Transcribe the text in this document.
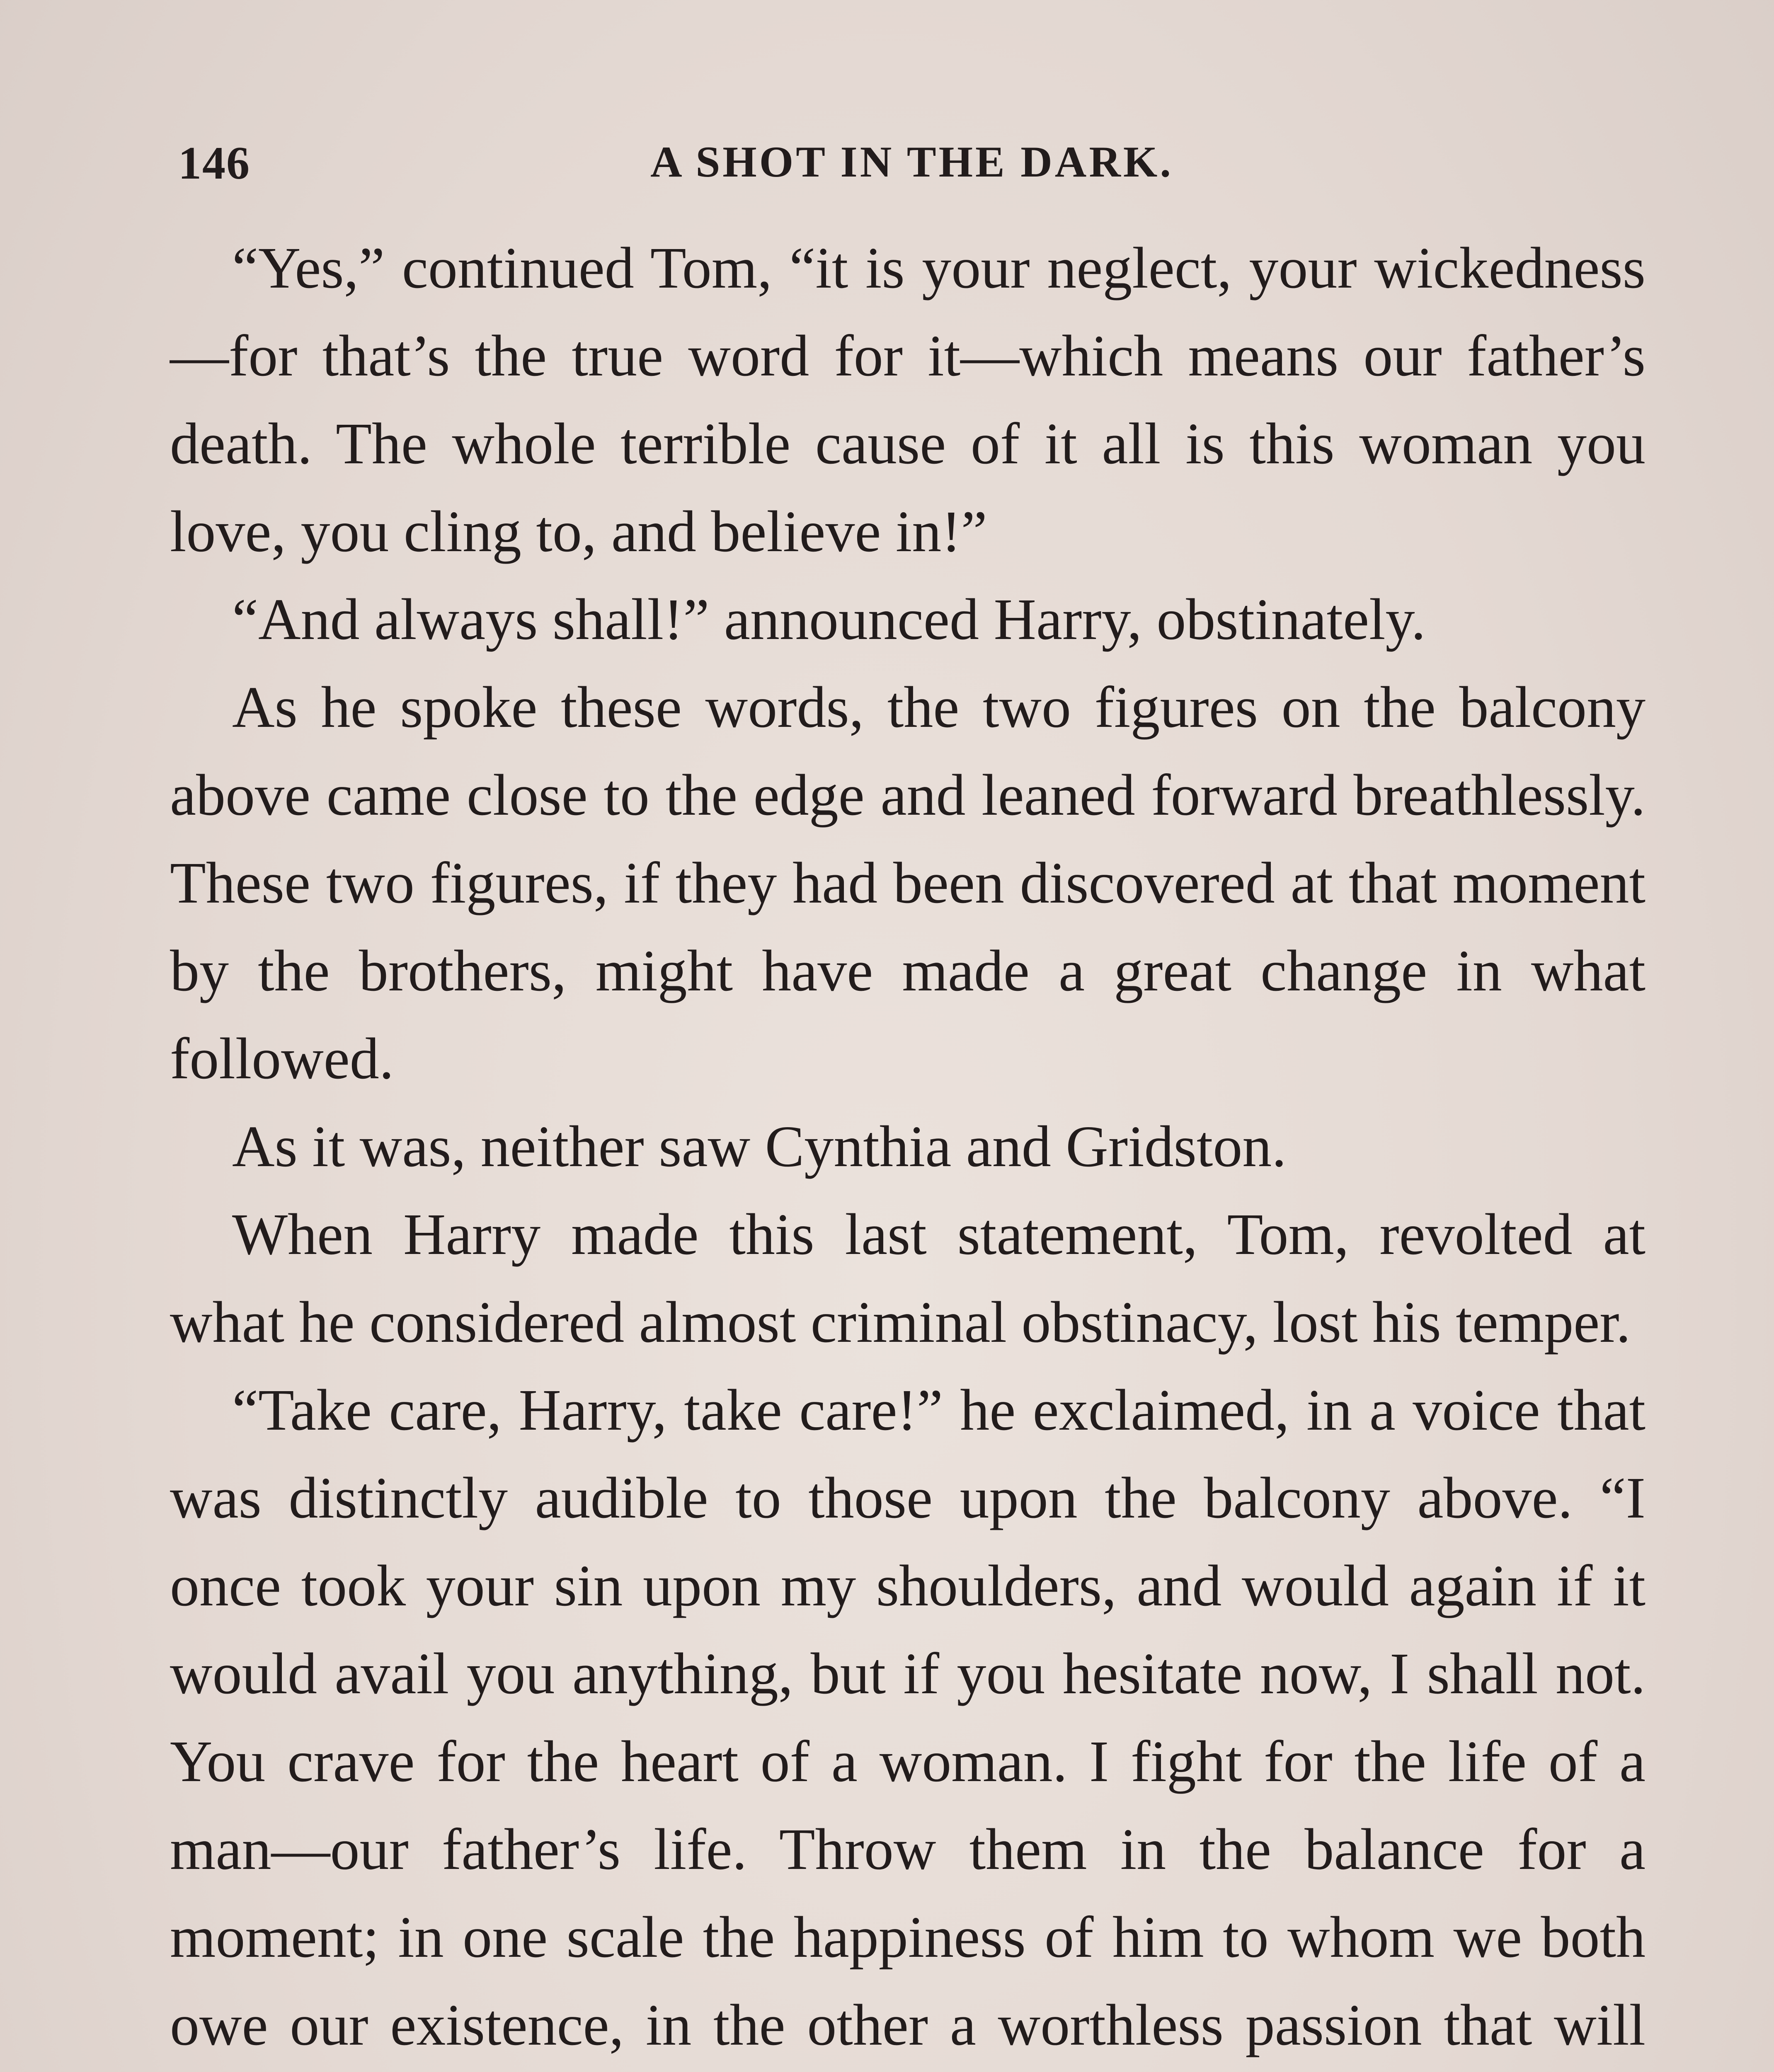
146	A SHOT IN THE DARK.

“Yes,” continued Tom, “it is your neglect, your wickedness—for that’s the true word for it—which means our father’s death. The whole terrible cause of it all is this woman you love, you cling to, and believe in!”

“And always shall!” announced Harry, obstinately.

As he spoke these words, the two figures on the balcony above came close to the edge and leaned forward breathlessly. These two figures, if they had been discovered at that moment by the brothers, might have made a great change in what followed.

As it was, neither saw Cynthia and Gridston.

When Harry made this last statement, Tom, revolted at what he considered almost criminal obstinacy, lost his temper.

“Take care, Harry, take care!” he exclaimed, in a voice that was distinctly audible to those upon the balcony above. “I once took your sin upon my shoulders, and would again if it would avail you anything, but if you hesitate now, I shall not. You crave for the heart of a woman. I fight for the life of a man—our father’s life. Throw them in the balance for a moment; in one scale the happiness of him to whom we both owe our existence, in the other a worthless passion that will
